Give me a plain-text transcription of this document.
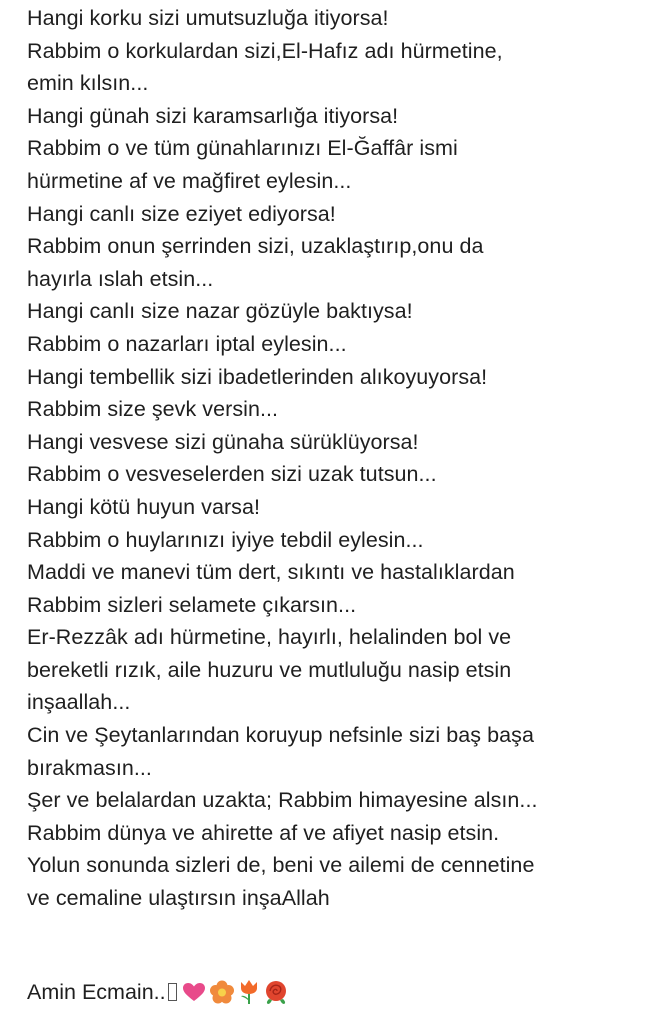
Hangi korku sizi umutsuzluğa itiyorsa!
Rabbim o korkulardan sizi,El-Hafız adı hürmetine,
emin kılsın...
Hangi günah sizi karamsarlığa itiyorsa!
Rabbim o ve tüm günahlarınızı El-Ğaffâr ismi
hürmetine af ve mağfiret eylesin...
Hangi canlı size eziyet ediyorsa!
Rabbim onun şerrinden sizi, uzaklaştırıp,onu da
hayırla ıslah etsin...
Hangi canlı size nazar gözüyle baktıysa!
Rabbim o nazarları iptal eylesin...
Hangi tembellik sizi ibadetlerinden alıkoyuyorsa!
Rabbim size şevk versin...
Hangi vesvese sizi günaha sürüklüyorsa!
Rabbim o vesveselerden sizi uzak tutsun...
Hangi kötü huyun varsa!
Rabbim o huylarınızı iyiye tebdil eylesin...
Maddi ve manevi tüm dert, sıkıntı ve hastalıklardan
Rabbim sizleri selamete çıkarsın...
Er-Rezzâk adı hürmetine, hayırlı, helalinden bol ve
bereketli rızık, aile huzuru ve mutluluğu nasip etsin
inşaallah...
Cin ve Şeytanlarından koruyup nefsinle sizi baş başa
bırakmasın...
Şer ve belalardan uzakta; Rabbim himayesine alsın...
Rabbim dünya ve ahirette af ve afiyet nasip etsin.
Yolun sonunda sizleri de, beni ve ailemi de cennetine
ve cemaline ulaştırsın inşaAllah
Amin Ecmain..
